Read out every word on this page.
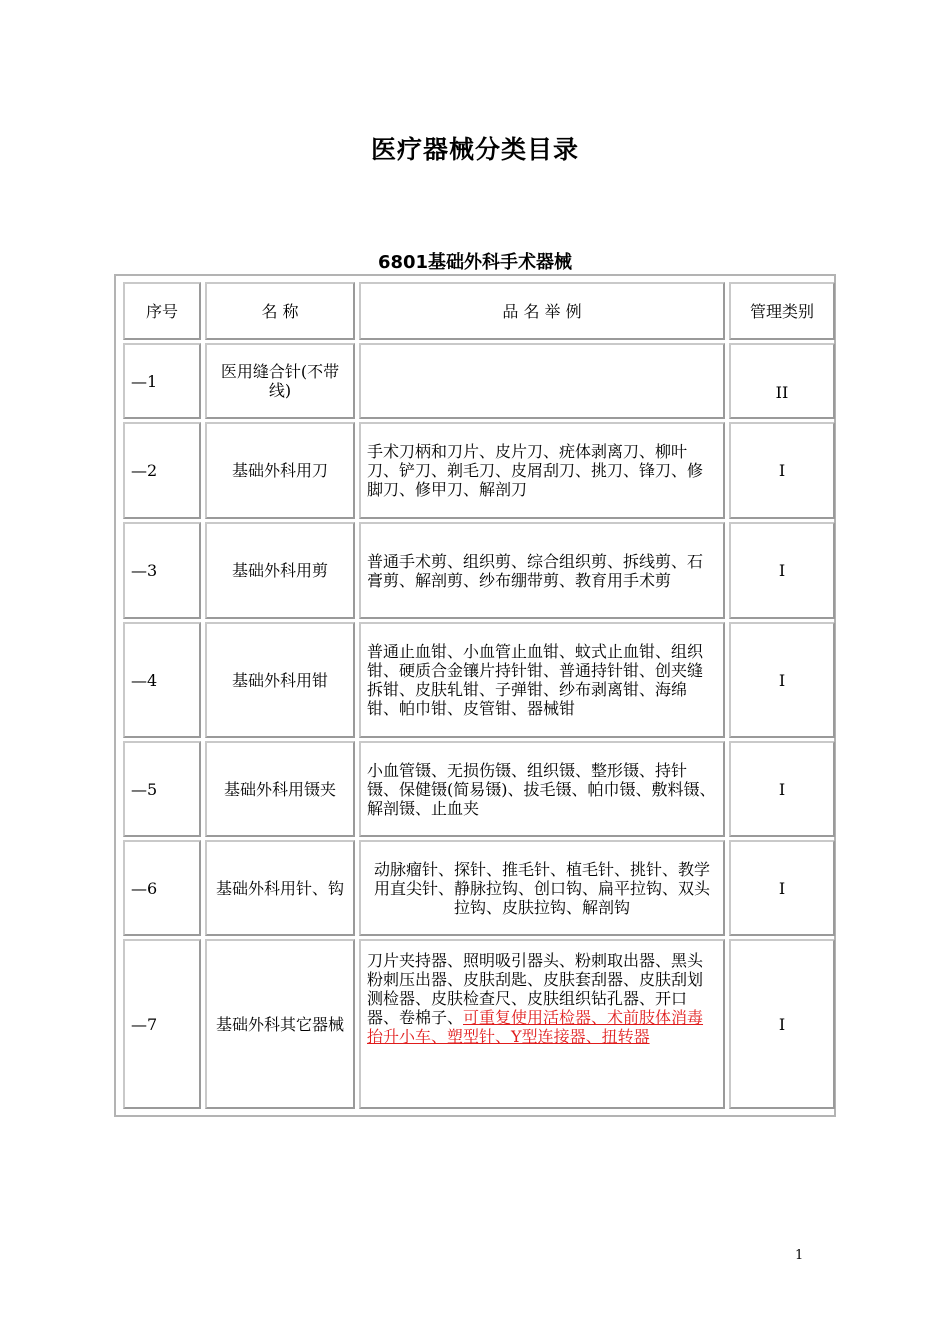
医疗器械分类目录
6801基础外科手术器械
序号	名 称	品 名 举 例	管理类别
—1	医用缝合针(不带线)		II
—2	基础外科用刀	手术刀柄和刀片、皮片刀、疣体剥离刀、柳叶刀、铲刀、剃毛刀、皮屑刮刀、挑刀、锋刀、修脚刀、修甲刀、解剖刀	I
—3	基础外科用剪	普通手术剪、组织剪、综合组织剪、拆线剪、石膏剪、解剖剪、纱布绷带剪、教育用手术剪	I
—4	基础外科用钳	普通止血钳、小血管止血钳、蚊式止血钳、组织钳、硬质合金镶片持针钳、普通持针钳、创夹缝拆钳、皮肤轧钳、子弹钳、纱布剥离钳、海绵钳、帕巾钳、皮管钳、器械钳	I
—5	基础外科用镊夹	小血管镊、无损伤镊、组织镊、整形镊、持针镊、保健镊(简易镊)、拔毛镊、帕巾镊、敷料镊、解剖镊、止血夹	I
—6	基础外科用针、钩	动脉瘤针、探针、推毛针、植毛针、挑针、教学用直尖针、静脉拉钩、创口钩、扁平拉钩、双头拉钩、皮肤拉钩、解剖钩	I
—7	基础外科其它器械	刀片夹持器、照明吸引器头、粉刺取出器、黑头粉刺压出器、皮肤刮匙、皮肤套刮器、皮肤刮划测检器、皮肤检查尺、皮肤组织钻孔器、开口器、卷棉子、可重复使用活检器、术前肢体消毒抬升小车、塑型针、Y型连接器、扭转器	I
1
